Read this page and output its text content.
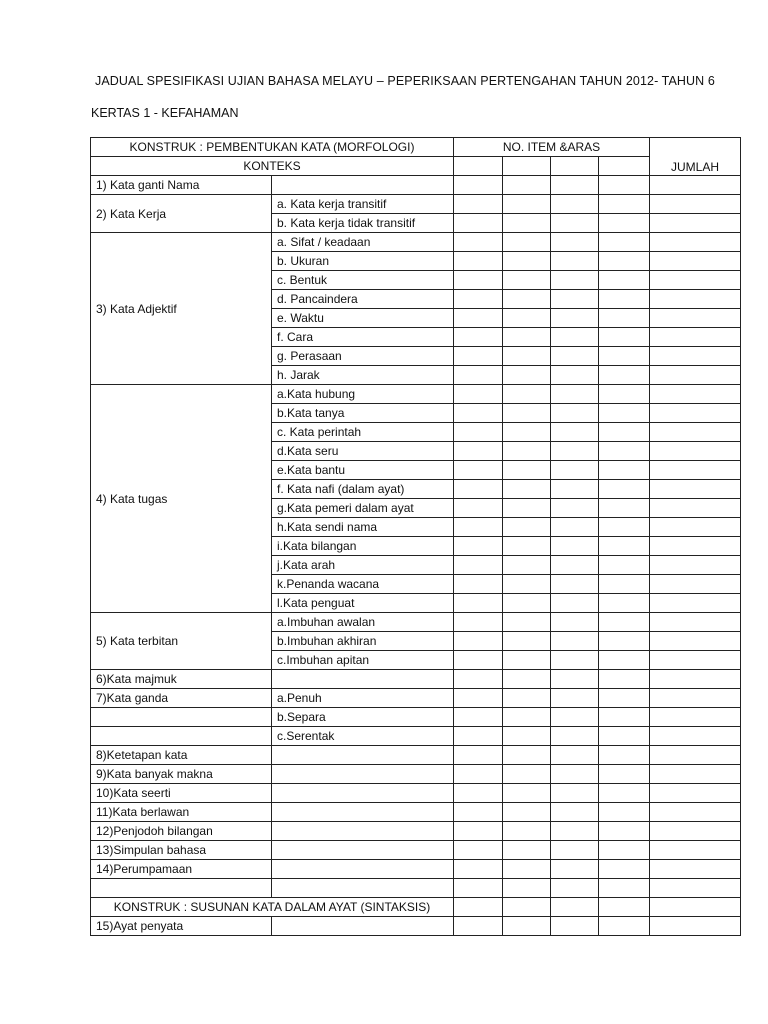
JADUAL SPESIFIKASI UJIAN BAHASA MELAYU – PEPERIKSAAN PERTENGAHAN TAHUN 2012- TAHUN 6
KERTAS 1 - KEFAHAMAN
KONSTRUK : PEMBENTUKAN KATA (MORFOLOGI)		NO. ITEM &ARAS				JUMLAH
KONTEKS						
1) Kata ganti Nama						
2) Kata Kerja	a. Kata kerja transitif					
	b. Kata kerja tidak transitif					
3) Kata Adjektif	a. Sifat / keadaan					
	b. Ukuran					
	c. Bentuk					
	d. Pancaindera					
	e. Waktu					
	f. Cara					
	g. Perasaan					
	h. Jarak					
4) Kata tugas	a.Kata hubung					
	b.Kata tanya					
	c. Kata perintah					
	d.Kata seru					
	e.Kata bantu					
	f. Kata nafi (dalam ayat)					
	g.Kata pemeri dalam ayat					
	h.Kata sendi nama					
	i.Kata bilangan					
	j.Kata arah					
	k.Penanda wacana					
	l.Kata penguat					
5) Kata terbitan	a.Imbuhan awalan					
	b.Imbuhan akhiran					
	c.Imbuhan apitan					
6)Kata majmuk						
7)Kata ganda	a.Penuh					
	b.Separa					
	c.Serentak					
8)Ketetapan kata						
9)Kata banyak makna						
10)Kata seerti						
11)Kata berlawan						
12)Penjodoh bilangan						
13)Simpulan bahasa						
14)Perumpamaan						

KONSTRUK : SUSUNAN KATA DALAM AYAT (SINTAKSIS)						
15)Ayat penyata						
